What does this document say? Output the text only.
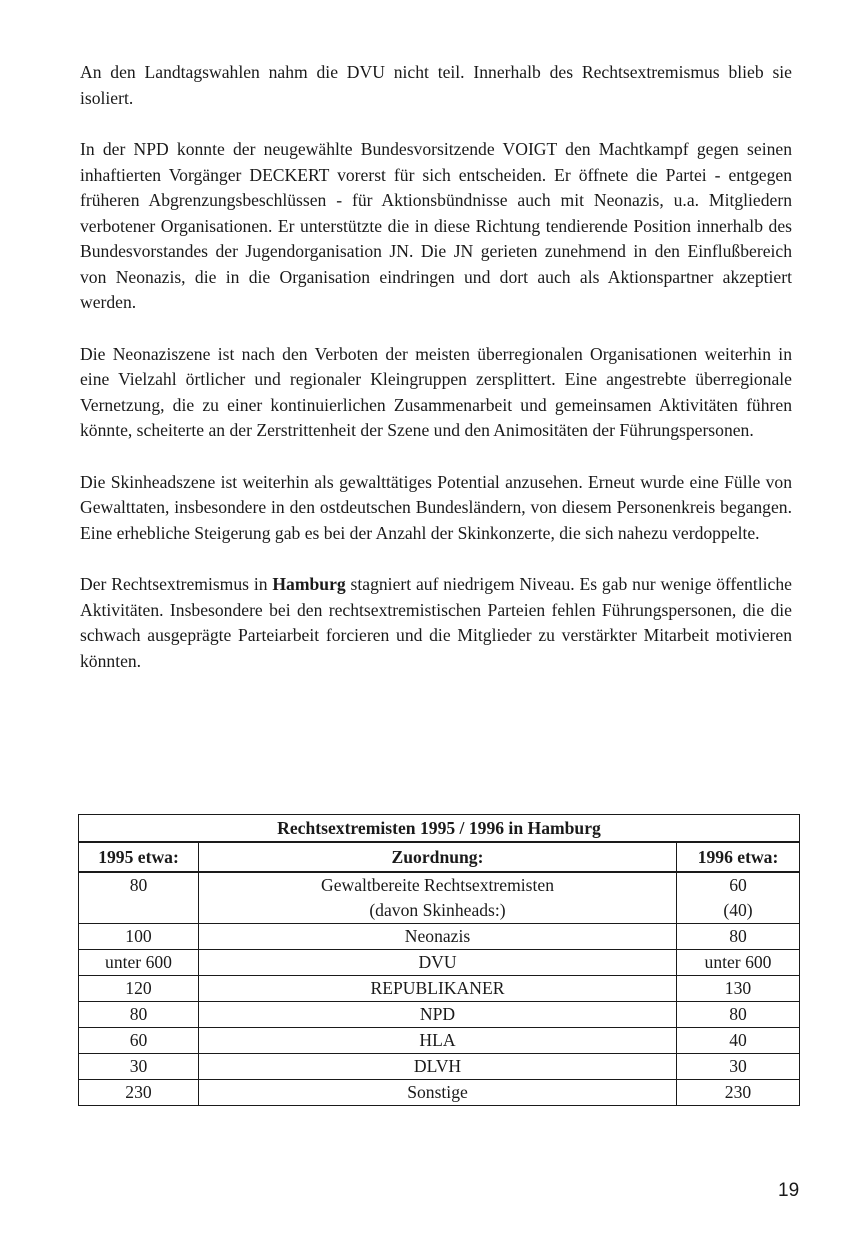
An den Landtagswahlen nahm die DVU nicht teil. Innerhalb des Rechtsextremismus blieb sie isoliert.

In der NPD konnte der neugewählte Bundesvorsitzende VOIGT den Machtkampf gegen seinen inhaftierten Vorgänger DECKERT vorerst für sich entscheiden. Er öffnete die Partei - entgegen früheren Abgrenzungsbeschlüssen - für Aktionsbündnisse auch mit Neonazis, u.a. Mitgliedern verbotener Organisationen. Er unterstützte die in diese Richtung tendierende Position innerhalb des Bundesvorstandes der Jugendorganisation JN. Die JN gerieten zunehmend in den Einflußbereich von Neonazis, die in die Organisation eindringen und dort auch als Aktionspartner akzeptiert werden.

Die Neonaziszene ist nach den Verboten der meisten überregionalen Organisationen weiterhin in eine Vielzahl örtlicher und regionaler Kleingruppen zersplittert. Eine angestrebte überregionale Vernetzung, die zu einer kontinuierlichen Zusammenarbeit und gemeinsamen Aktivitäten führen könnte, scheiterte an der Zerstrittenheit der Szene und den Animositäten der Führungspersonen.

Die Skinheadszene ist weiterhin als gewalttätiges Potential anzusehen. Erneut wurde eine Fülle von Gewalttaten, insbesondere in den ostdeutschen Bundesländern, von diesem Personenkreis begangen. Eine erhebliche Steigerung gab es bei der Anzahl der Skinkonzerte, die sich nahezu verdoppelte.

Der Rechtsextremismus in Hamburg stagniert auf niedrigem Niveau. Es gab nur wenige öffentliche Aktivitäten. Insbesondere bei den rechtsextremistischen Parteien fehlen Führungspersonen, die die schwach ausgeprägte Parteiarbeit forcieren und die Mitglieder zu verstärkter Mitarbeit motivieren könnten.

Rechtsextremisten 1995 / 1996 in Hamburg		
1995 etwa:	Zuordnung:	1996 etwa:
80	Gewaltbereite Rechtsextremisten	60
	(davon Skinheads:)	(40)
100	Neonazis	80
unter 600	DVU	unter 600
120	REPUBLIKANER	130
80	NPD	80
60	HLA	40
30	DLVH	30
230	Sonstige	230
19
